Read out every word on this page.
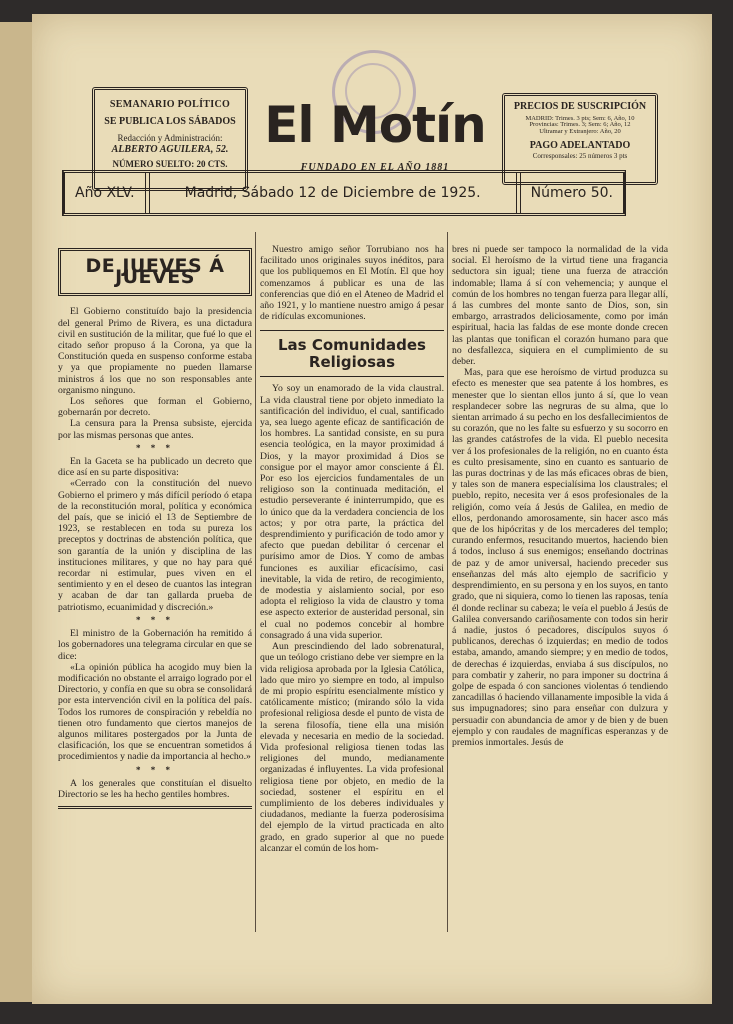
SEMANARIO POLÍTICO
SE PUBLICA LOS SÁBADOS
Redacción y Administración:
ALBERTO AGUILERA, 52.
NÚMERO SUELTO: 20 CTS.
El Motín
FUNDADO EN EL AÑO 1881
PRECIOS DE SUSCRIPCIÓN
MADRID: Trimes. 3 pts; Sem: 6, Año, 10
Provincias: Trimes. 3; Sem: 6; Año, 12
Ultramar y Extranjero: Año, 20
PAGO ADELANTADO
Corresponsales: 25 números 3 pts
Año XLV.	Madrid, Sábado 12 de Diciembre de 1925.	Número 50.
DE JUEVES Á JUEVES

El Gobierno constituído bajo la presidencia del general Primo de Rivera, es una dictadura civil en sustitución de la militar, que fué lo que el citado señor propuso á la Corona, ya que la Constitución queda en suspenso conforme estaba y ya que propiamente no pueden llamarse ministros á los que no son responsables ante organismo ninguno.

Los señores que forman el Gobierno, gobernarán por decreto.

La censura para la Prensa subsiste, ejercida por las mismas personas que antes.

* * *

En la Gaceta se ha publicado un decreto que dice así en su parte dispositiva:

«Cerrado con la constitución del nuevo Gobierno el primero y más difícil período ó etapa de la reconstitución moral, política y económica del país, que se inició el 13 de Septiembre de 1923, se restablecen en toda su pureza los preceptos y doctrinas de abstención política, que son garantía de la unión y disciplina de las instituciones militares, y que no hay para qué recordar ni estimular, pues viven en el sentimiento y en el deseo de cuantos las integran y acaban de dar tan gallarda prueba de patriotismo, ecuanimidad y discreción.»

* * *

El ministro de la Gobernación ha remitido á los gobernadores una telegrama circular en que se dice:

«La opinión pública ha acogido muy bien la modificación no obstante el arraigo logrado por el Directorio, y confía en que su obra se consolidará por esta intervención civil en la política del país. Todos los rumores de conspiración y rebeldía no tienen otro fundamento que ciertos manejos de algunos militares postergados por la Junta de clasificación, los que se encuentran sometidos á procedimientos y nadie da importancia al hecho.»

* * *

A los generales que constituían el disuelto Directorio se les ha hecho gentiles hombres.

Nuestro amigo señor Torrubiano nos ha facilitado unos originales suyos inéditos, para que los publiquemos en El Motín. El que hoy comenzamos á publicar es una de las conferencias que dió en el Ateneo de Madrid el año 1921, y lo mantiene nuestro amigo á pesar de ridículas excomuniones.

Las Comunidades Religiosas

Yo soy un enamorado de la vida claustral. La vida claustral tiene por objeto inmediato la santificación del individuo, el cual, santificado ya, sea luego agente eficaz de santificación de los hombres. La santidad consiste, en su pura esencia teológica, en la mayor proximidad á Dios, y la mayor proximidad á Dios se consigue por el mayor amor consciente á Él. Por eso los ejercicios fundamentales de un religioso son la continuada meditación, el estudio perseverante é ininterrumpido, que es lo único que da la verdadera conciencia de los actos; y por otra parte, la práctica del desprendimiento y purificación de todo amor y afecto que puedan debilitar ó cercenar el purísimo amor de Dios. Y como de ambas funciones es auxiliar eficacísimo, casi inevitable, la vida de retiro, de recogimiento, de modestia y aislamiento social, por eso adopta el religioso la vida de claustro y toma ese aspecto exterior de austeridad personal, sin el cual no podemos concebir al hombre consagrado á una vida superior.

Aun prescindiendo del lado sobrenatural, que un teólogo cristiano debe ver siempre en la vida religiosa aprobada por la Iglesia Católica, lado que miro yo siempre en todo, al impulso de mi propio espíritu esencialmente místico y católicamente místico; (mirando sólo la vida profesional religiosa desde el punto de vista de la serena filosofía, tiene ella una misión elevada y necesaria en medio de la sociedad. Vida profesional religiosa tienen todas las religiones del mundo, medianamente organizadas é influyentes. La vida profesional religiosa tiene por objeto, en medio de la sociedad, sostener el espíritu en el cumplimiento de los deberes individuales y ciudadanos, mediante la fuerza poderosísima del ejemplo de la virtud practicada en alto grado, en grado superior al que no puede alcanzar el común de los hom-

bres ni puede ser tampoco la normalidad de la vida social. El heroísmo de la virtud tiene una fragancia seductora sin igual; tiene una fuerza de atracción indomable; llama á sí con vehemencia; y aunque el común de los hombres no tengan fuerza para llegar allí, á las cumbres del monte santo de Dios, son, sin embargo, arrastrados deliciosamente, como por imán espiritual, hacia las faldas de ese monte donde crecen las plantas que tonifican el corazón humano para que no desfallezca, siquiera en el cumplimiento de su deber.

Mas, para que ese heroísmo de virtud produzca su efecto es menester que sea patente á los hombres, es menester que lo sientan ellos junto á sí, que lo vean resplandecer sobre las negruras de su alma, que lo sientan arrimado á su pecho en los desfallecimientos de su corazón, que no les falte su esfuerzo y su socorro en las grandes catástrofes de la vida. El pueblo necesita ver á los profesionales de la religión, no en cuanto ésta es culto presisamente, sino en cuanto es santuario de las puras doctrinas y de las más eficaces obras de bien, y tales son de manera especialísima los claustrales; el pueblo, repito, necesita ver á esos profesionales de la religión, como veía á Jesús de Galilea, en medio de ellos, perdonando amorosamente, sin hacer asco más que de los hipócritas y de los mercaderes del templo; curando enfermos, resucitando muertos, haciendo bien á todos, incluso á sus enemigos; enseñando doctrinas de paz y de amor universal, haciendo preceder sus enseñanzas del más alto ejemplo de sacrificio y desprendimiento, en su persona y en los suyos, en tanto grado, que ni siquiera, como lo tienen las raposas, tenía él donde reclinar su cabeza; le veía el pueblo á Jesús de Galilea conversando cariñosamente con todos sin herir á nadie, justos ó pecadores, discípulos suyos ó publicanos, derechas ó izquierdas; en medio de todos estaba, amando, amando siempre; y en medio de todos, de derechas é izquierdas, enviaba á sus discípulos, no para combatir y zaherir, no para imponer su doctrina á golpe de espada ó con sanciones violentas ó tendiendo zancadillas ó haciendo villanamente imposible la vida á sus impugnadores; sino para enseñar con dulzura y persuadir con abundancia de amor y de bien y de buen ejemplo y con raudales de magníficas esperanzas y de premios inmortales. Jesús de
